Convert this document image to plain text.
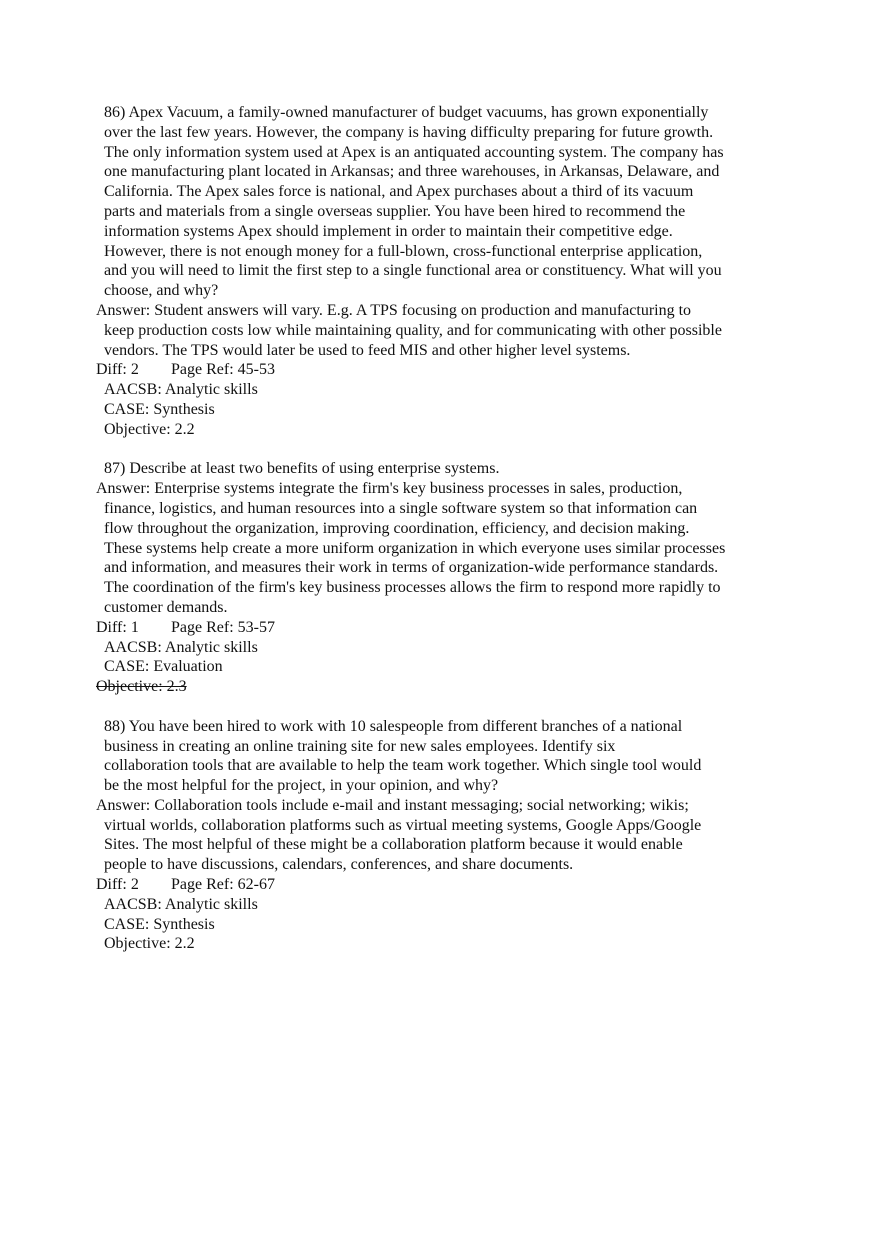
86) Apex Vacuum, a family-owned manufacturer of budget vacuums, has grown exponentially
over the last few years. However, the company is having difficulty preparing for future growth.
The only information system used at Apex is an antiquated accounting system. The company has
one manufacturing plant located in Arkansas; and three warehouses, in Arkansas, Delaware, and
California. The Apex sales force is national, and Apex purchases about a third of its vacuum
parts and materials from a single overseas supplier. You have been hired to recommend the
information systems Apex should implement in order to maintain their competitive edge.
However, there is not enough money for a full-blown, cross-functional enterprise application,
and you will need to limit the first step to a single functional area or constituency. What will you
choose, and why?
Answer: Student answers will vary. E.g. A TPS focusing on production and manufacturing to
keep production costs low while maintaining quality, and for communicating with other possible
vendors. The TPS would later be used to feed MIS and other higher level systems.
Diff: 2 Page Ref: 45-53
AACSB: Analytic skills
CASE: Synthesis
Objective: 2.2
87) Describe at least two benefits of using enterprise systems.
Answer: Enterprise systems integrate the firm's key business processes in sales, production,
finance, logistics, and human resources into a single software system so that information can
flow throughout the organization, improving coordination, efficiency, and decision making.
These systems help create a more uniform organization in which everyone uses similar processes
and information, and measures their work in terms of organization-wide performance standards.
The coordination of the firm's key business processes allows the firm to respond more rapidly to
customer demands.
Diff: 1 Page Ref: 53-57
AACSB: Analytic skills
CASE: Evaluation
Objective: 2.3
88) You have been hired to work with 10 salespeople from different branches of a national
business in creating an online training site for new sales employees. Identify six
collaboration tools that are available to help the team work together. Which single tool would
be the most helpful for the project, in your opinion, and why?
Answer: Collaboration tools include e-mail and instant messaging; social networking; wikis;
virtual worlds, collaboration platforms such as virtual meeting systems, Google Apps/Google
Sites. The most helpful of these might be a collaboration platform because it would enable
people to have discussions, calendars, conferences, and share documents.
Diff: 2 Page Ref: 62-67
AACSB: Analytic skills
CASE: Synthesis
Objective: 2.2
